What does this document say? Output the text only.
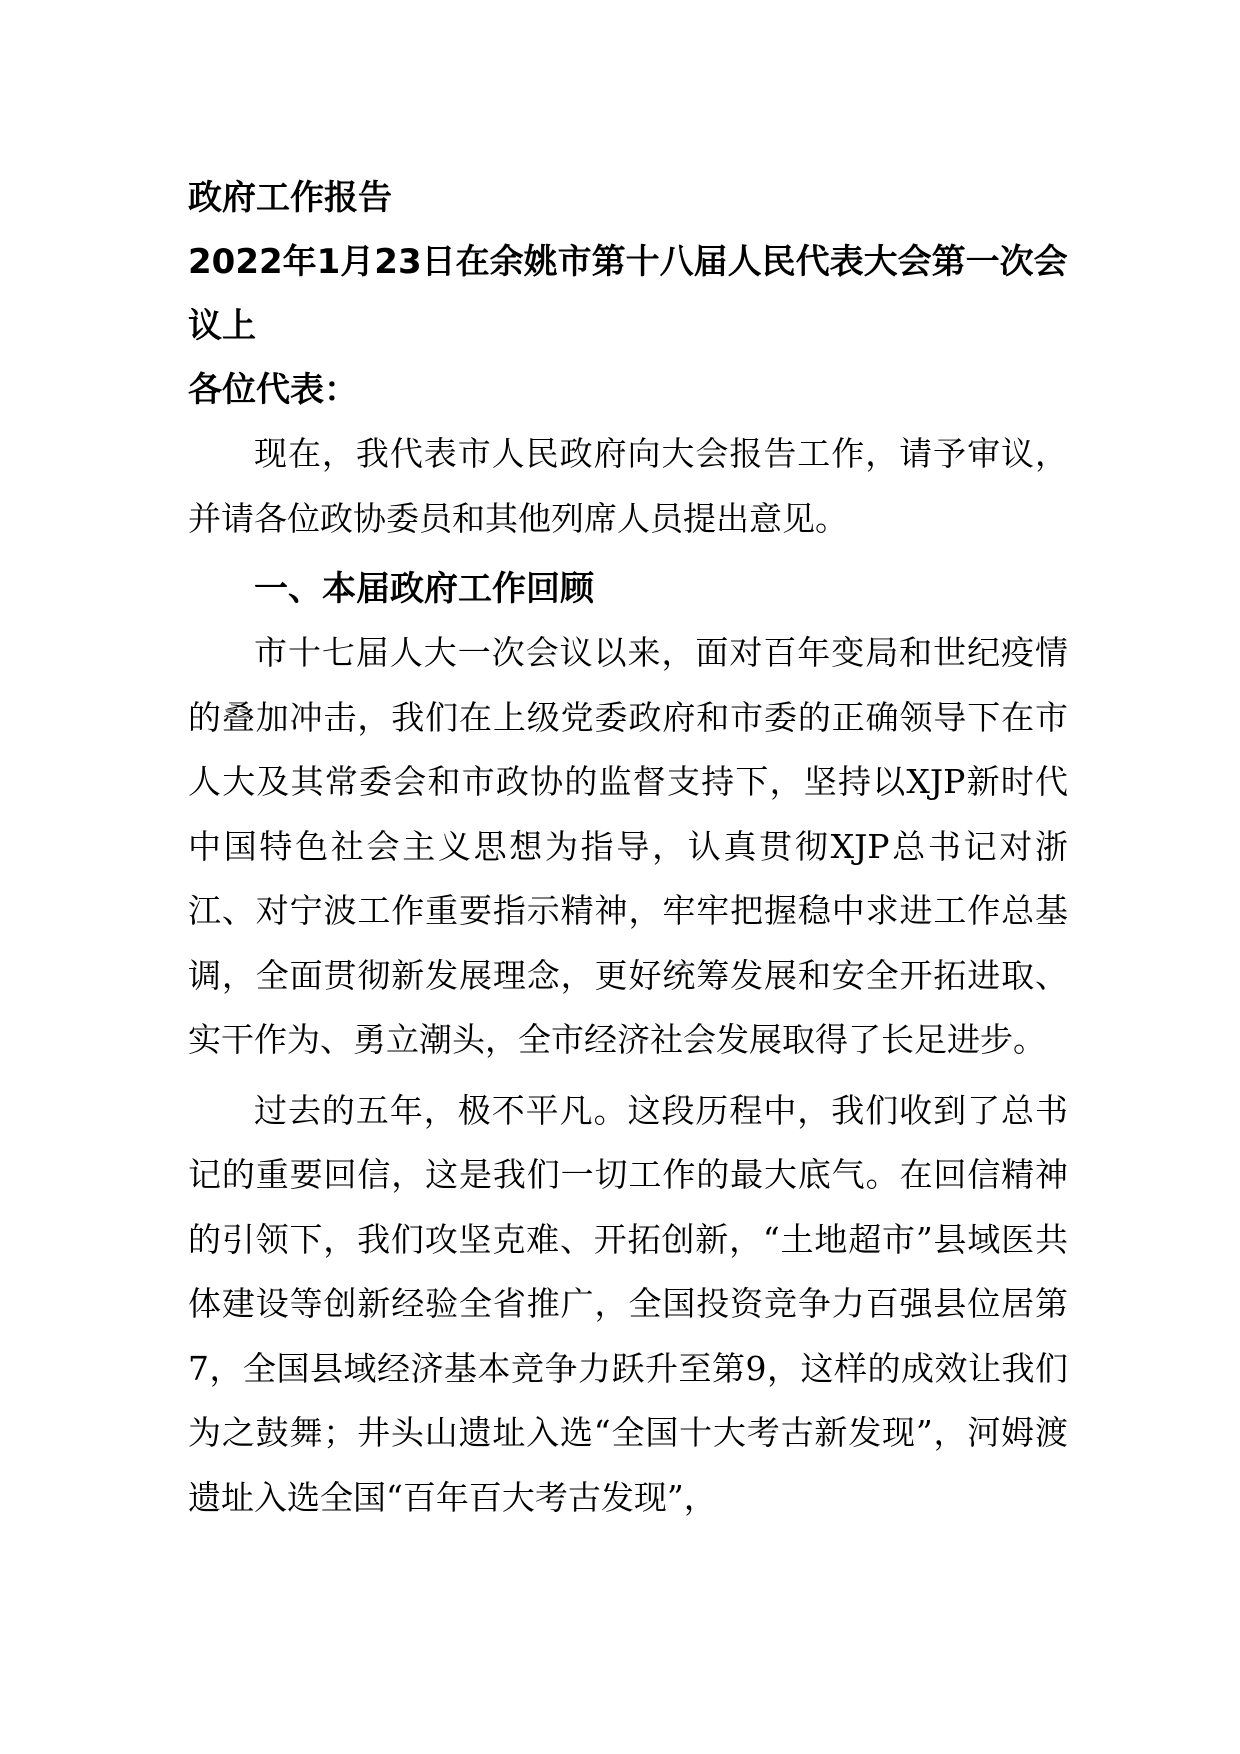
政府工作报告

2022年1月23日在余姚市第十八届人民代表大会第一次会议上

各位代表：

现在，我代表市人民政府向大会报告工作，请予审议，并请各位政协委员和其他列席人员提出意见。

一、本届政府工作回顾

市十七届人大一次会议以来，面对百年变局和世纪疫情的叠加冲击，我们在上级党委政府和市委的正确领导下在市人大及其常委会和市政协的监督支持下，坚持以XJP新时代中国特色社会主义思想为指导，认真贯彻XJP总书记对浙江、对宁波工作重要指示精神，牢牢把握稳中求进工作总基调，全面贯彻新发展理念，更好统筹发展和安全开拓进取、实干作为、勇立潮头，全市经济社会发展取得了长足进步。

过去的五年，极不平凡。这段历程中，我们收到了总书记的重要回信，这是我们一切工作的最大底气。在回信精神的引领下，我们攻坚克难、开拓创新，“土地超市”县域医共体建设等创新经验全省推广，全国投资竞争力百强县位居第7，全国县域经济基本竞争力跃升至第9，这样的成效让我们为之鼓舞；井头山遗址入选“全国十大考古新发现”，河姆渡遗址入选全国“百年百大考古发现”，
